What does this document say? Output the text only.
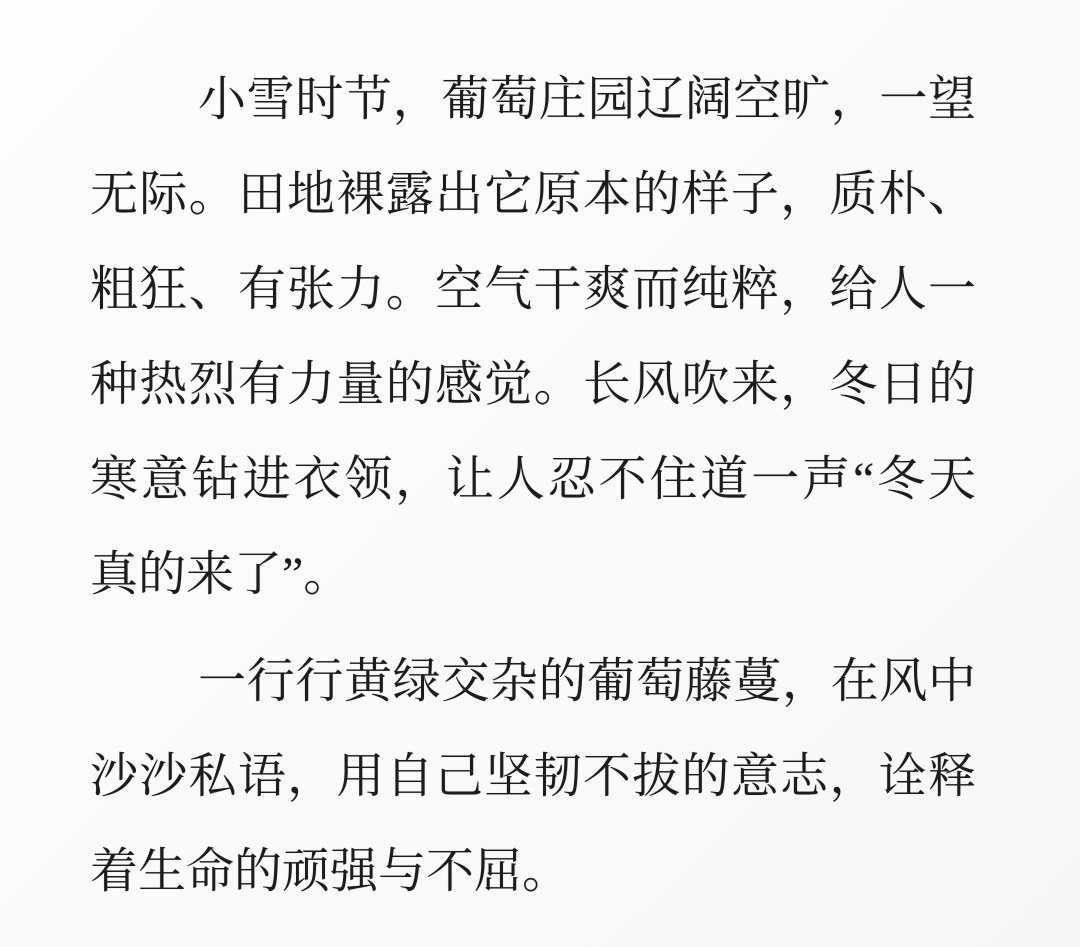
小雪时节，葡萄庄园辽阔空旷，一望
无际。田地裸露出它原本的样子，质朴、
粗狂、有张力。空气干爽而纯粹，给人一
种热烈有力量的感觉。长风吹来，冬日的
寒意钻进衣领，让人忍不住道一声“冬天
真的来了”。
一行行黄绿交杂的葡萄藤蔓，在风中
沙沙私语，用自己坚韧不拔的意志，诠释
着生命的顽强与不屈。
